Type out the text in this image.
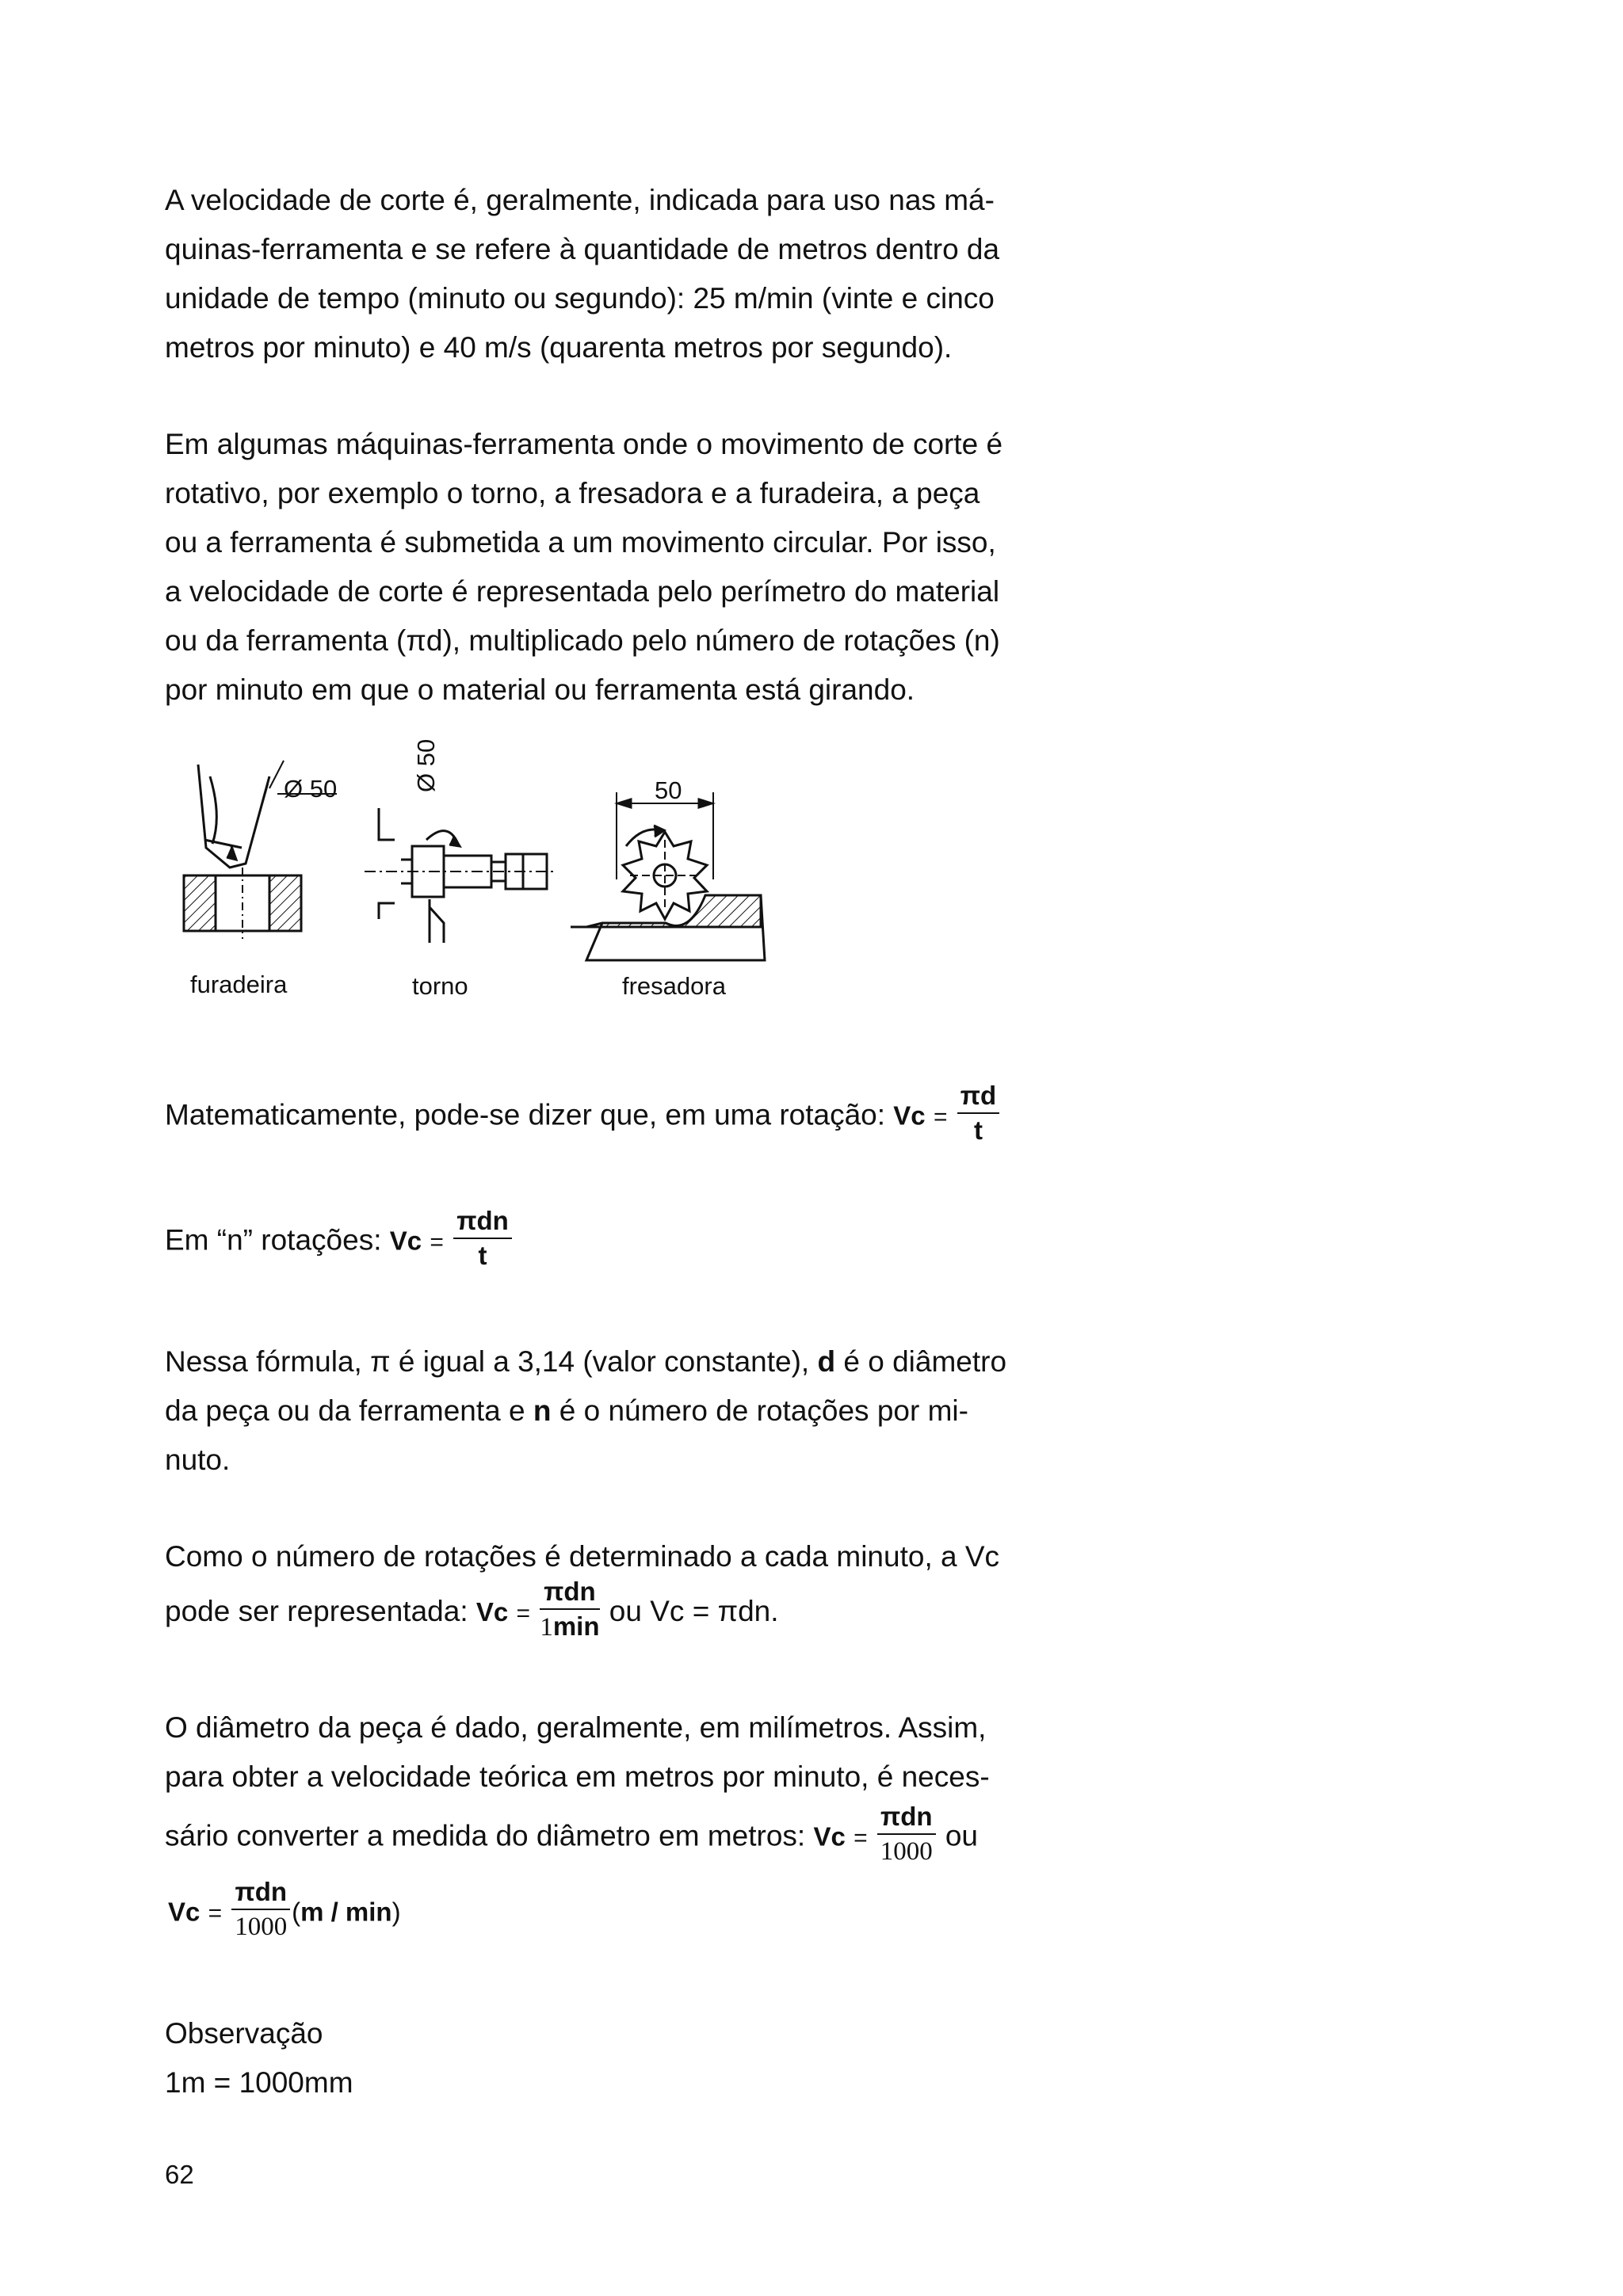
A velocidade de corte é, geralmente, indicada para uso nas má-
quinas-ferramenta e se refere à quantidade de metros dentro da
unidade de tempo (minuto ou segundo): 25 m/min (vinte e cinco
metros por minuto) e 40 m/s (quarenta metros por segundo).
Em algumas máquinas-ferramenta onde o movimento de corte é
rotativo, por exemplo o torno, a fresadora e a furadeira, a peça
ou a ferramenta é submetida a um movimento circular. Por isso,
a velocidade de corte é representada pelo perímetro do material
ou da ferramenta (πd), multiplicado pelo número de rotações (n)
por minuto em que o material ou ferramenta está girando.
Ø 50	Ø 50	50
furadeira	torno	fresadora
Matematicamente, pode-se dizer que, em uma rotação: $Vc = \frac{\pi d}{t}$
Em “n” rotações: $Vc = \frac{\text{πdn}}{t}$
Nessa fórmula, π é igual a 3,14 (valor constante), d é o diâmetro
da peça ou da ferramenta e n é o número de rotações por mi-
nuto.
Como o número de rotações é determinado a cada minuto, a Vc
pode ser representada: $Vc = \frac{\text{πdn}}{1\min}$ ou Vc = πdn.
O diâmetro da peça é dado, geralmente, em milímetros. Assim,
para obter a velocidade teórica em metros por minuto, é neces-
sário converter a medida do diâmetro em metros: $Vc = \frac{\text{πdn}}{1000}$ ou
$Vc = \frac{\text{πdn}}{1000} (m / \min)$
Observação
1m = 1000mm
62
